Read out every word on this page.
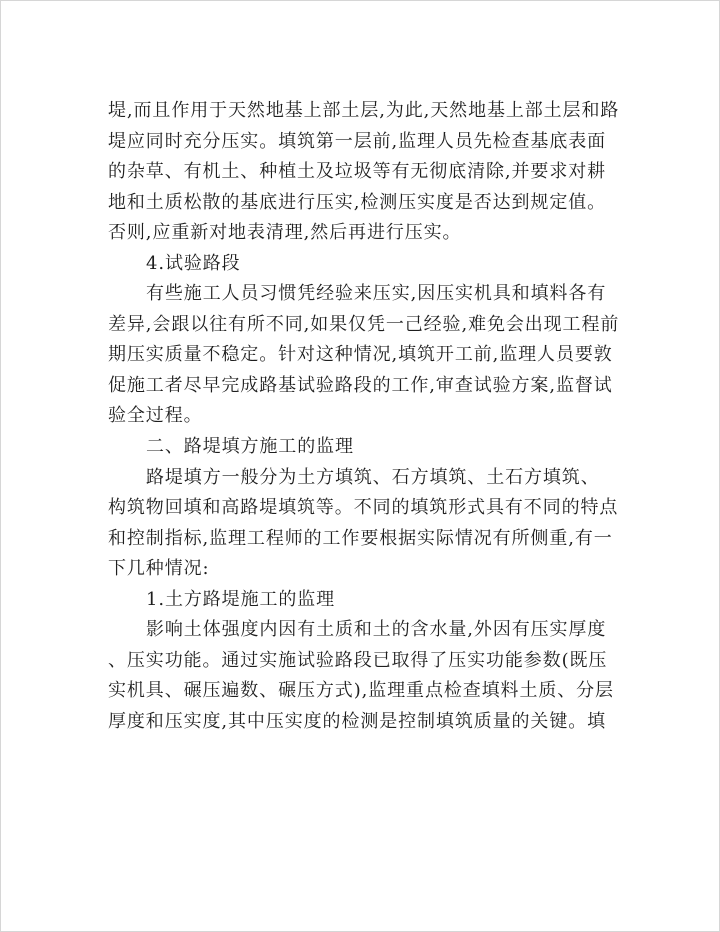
堤,而且作用于天然地基上部土层,为此,天然地基上部土层和路

堤应同时充分压实。填筑第一层前,监理人员先检查基底表面

的杂草、有机土、种植土及垃圾等有无彻底清除,并要求对耕

地和土质松散的基底进行压实,检测压实度是否达到规定值。

否则,应重新对地表清理,然后再进行压实。

4.试验路段

有些施工人员习惯凭经验来压实,因压实机具和填料各有

差异,会跟以往有所不同,如果仅凭一己经验,难免会出现工程前

期压实质量不稳定。针对这种情况,填筑开工前,监理人员要敦

促施工者尽早完成路基试验路段的工作,审查试验方案,监督试

验全过程。

二、路堤填方施工的监理

路堤填方一般分为土方填筑、石方填筑、土石方填筑、

构筑物回填和高路堤填筑等。不同的填筑形式具有不同的特点

和控制指标,监理工程师的工作要根据实际情况有所侧重,有一

下几种情况:

1.土方路堤施工的监理

影响土体强度内因有土质和土的含水量,外因有压实厚度

、压实功能。通过实施试验路段已取得了压实功能参数(既压

实机具、碾压遍数、碾压方式),监理重点检查填料土质、分层

厚度和压实度,其中压实度的检测是控制填筑质量的关键。填
